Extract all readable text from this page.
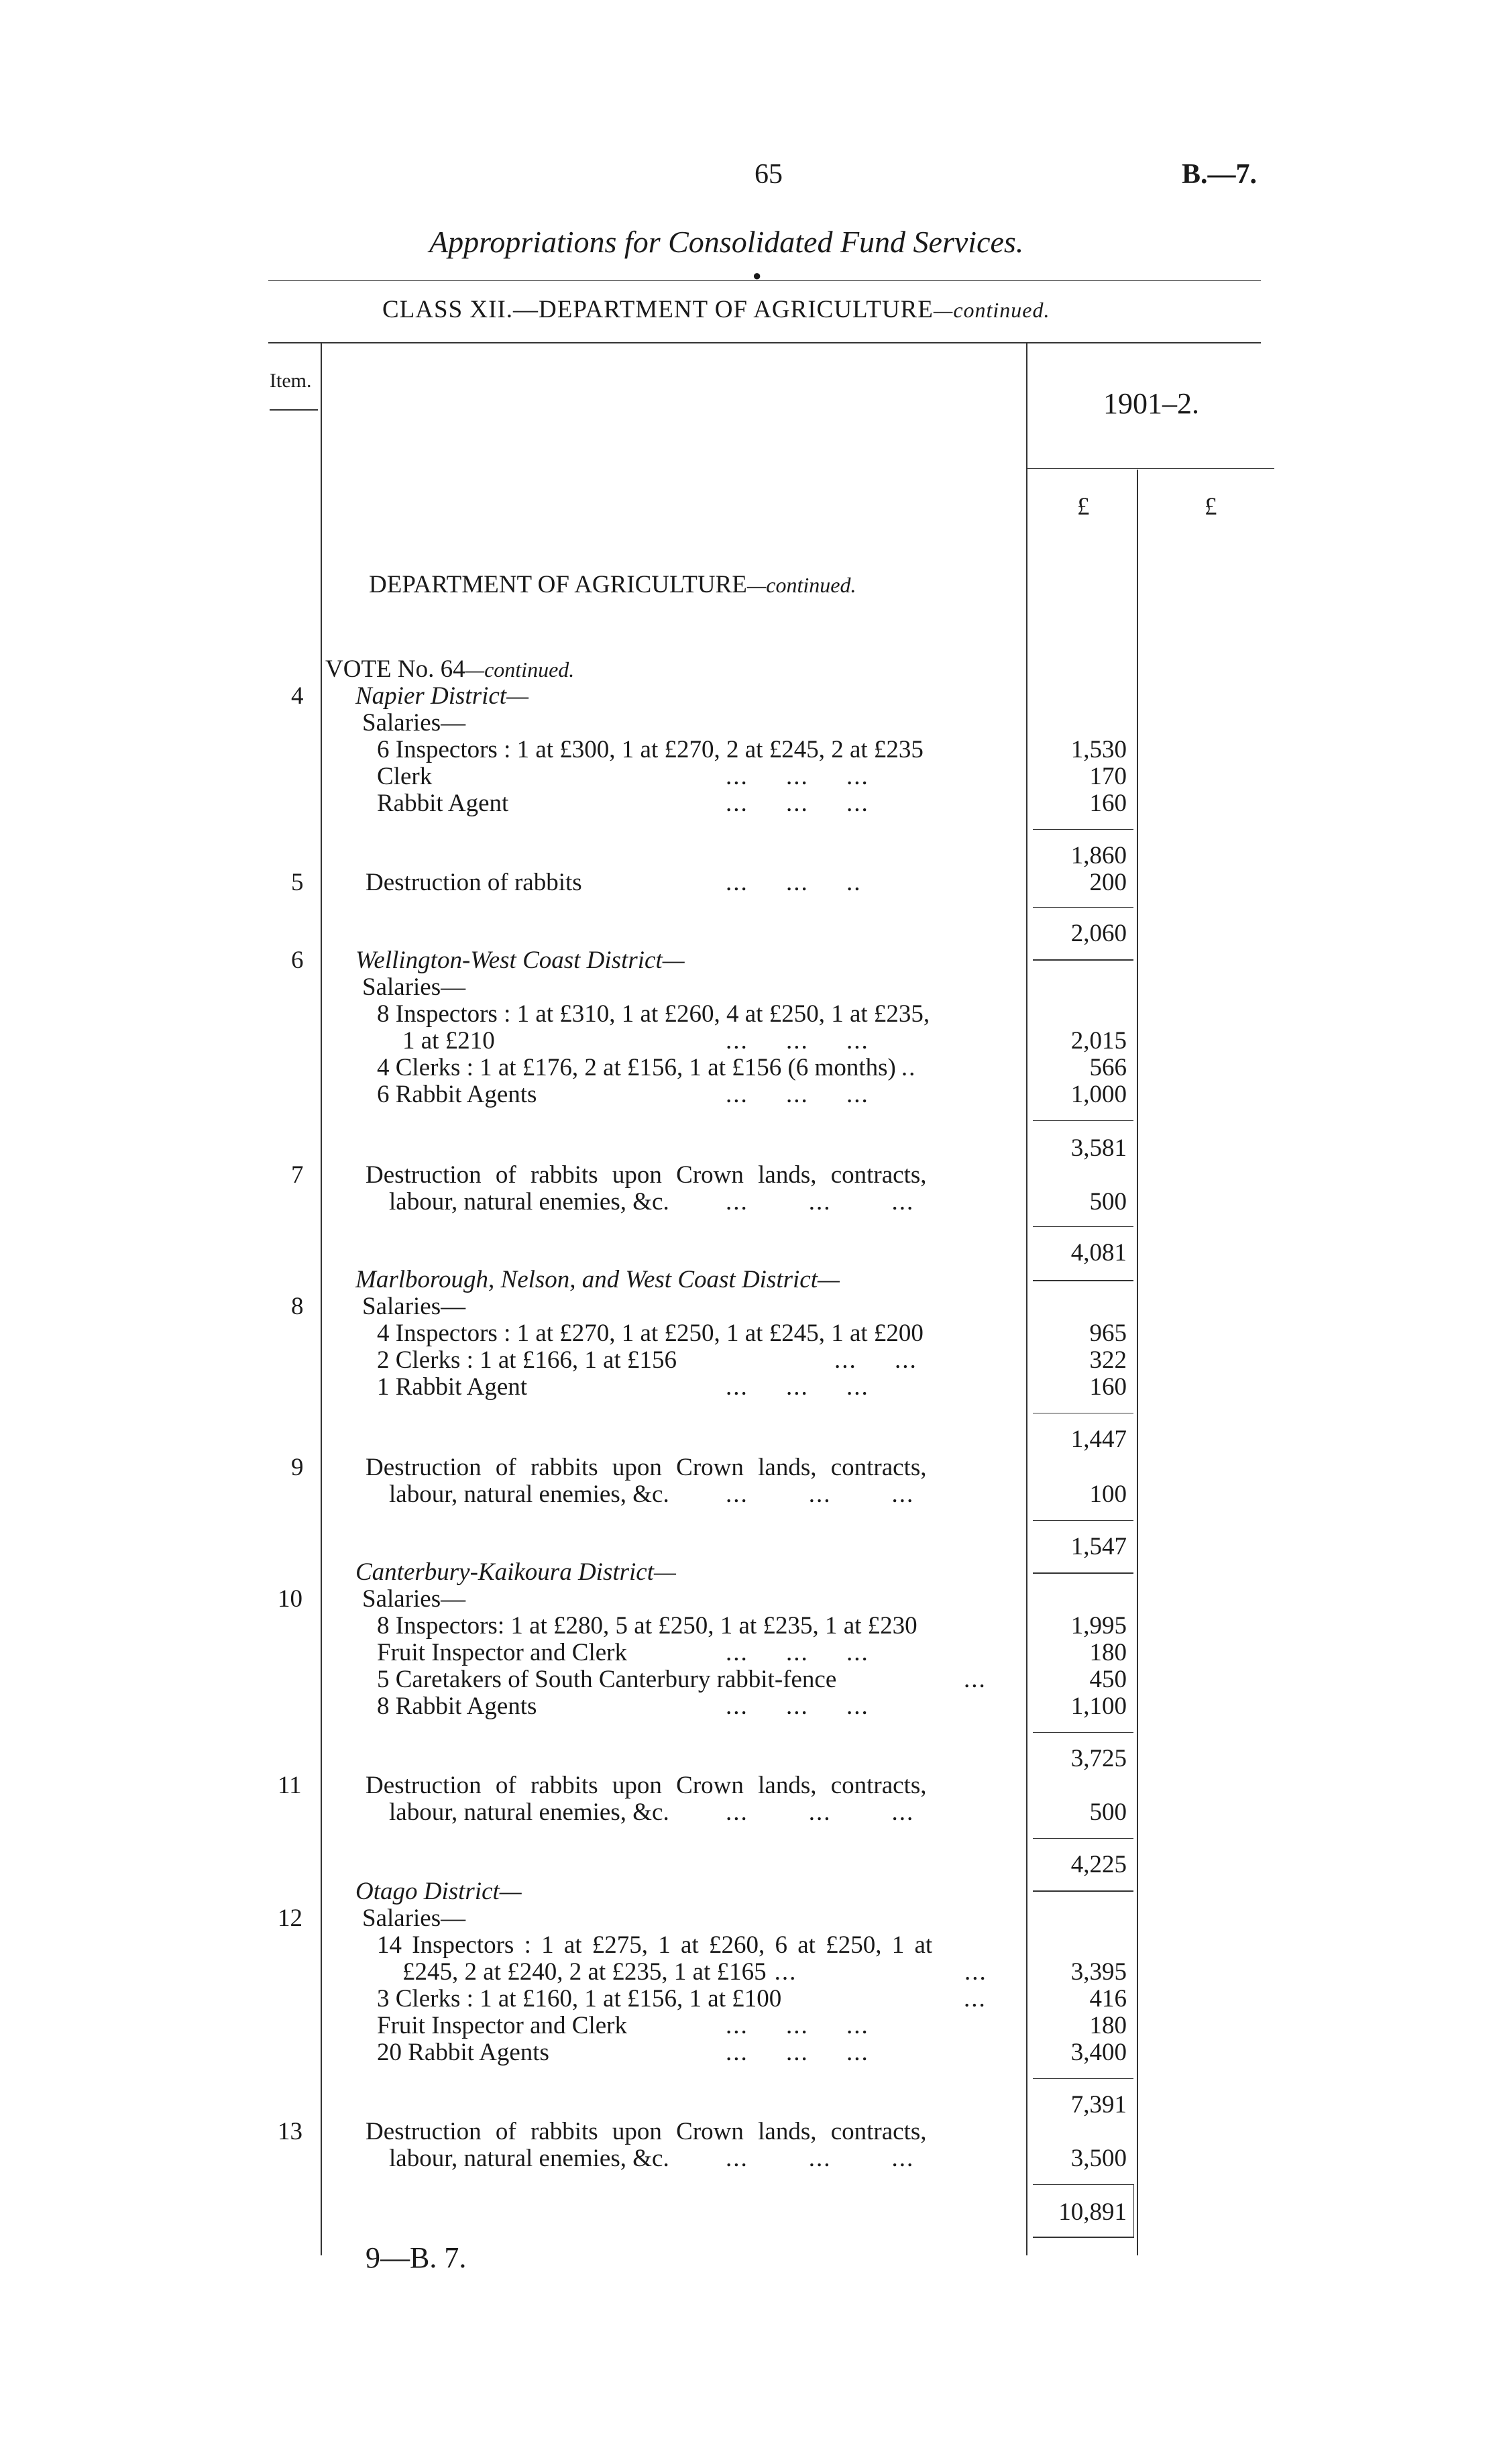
65	B.—7.
Appropriations for Consolidated Fund Services.
●
CLASS XII.—DEPARTMENT OF AGRICULTURE—continued.
Item.
1901–2.
£	£
DEPARTMENT OF AGRICULTURE—continued.
VOTE No. 64—continued.
4 Napier District—
Salaries—
6 Inspectors : 1 at £300, 1 at £270, 2 at £245, 2 at £235	1,530
Clerk	...     ...     ...	170
Rabbit Agent	...     ...     ...	160
1,860
5	Destruction of rabbits	...     ...     ..	200
2,060
6 Wellington-West Coast District—
Salaries—
8 Inspectors : 1 at £310, 1 at £260, 4 at £250, 1 at £235,
1 at £210	...     ...     ...	2,015
4 Clerks : 1 at £176, 2 at £156, 1 at £156 (6 months) ..	566
6 Rabbit Agents	...     ...     ...	1,000
3,581
7	Destruction of rabbits upon Crown lands, contracts,
labour, natural enemies, &c. ...        ...        ...	500
4,081
Marlborough, Nelson, and West Coast District—
8 Salaries—
4 Inspectors : 1 at £270, 1 at £250, 1 at £245, 1 at £200	965
2 Clerks : 1 at £166, 1 at £156	...     ...	322
1 Rabbit Agent	...     ...     ...	160
1,447
9	Destruction of rabbits upon Crown lands, contracts,
labour, natural enemies, &c. ...        ...        ...	100
1,547
Canterbury-Kaikoura District—
10 Salaries—
8 Inspectors: 1 at £280, 5 at £250, 1 at £235, 1 at £230	1,995
Fruit Inspector and Clerk	...     ...     ...	180
5 Caretakers of South Canterbury rabbit-fence	...	450
8 Rabbit Agents	...     ...     ...	1,100
3,725
11	Destruction of rabbits upon Crown lands, contracts,
labour, natural enemies, &c. ...        ...        ...	500
4,225
Otago District—
12 Salaries—
14 Inspectors : 1 at £275, 1 at £260, 6 at £250, 1 at
£245, 2 at £240, 2 at £235, 1 at £165 ...	...	3,395
3 Clerks : 1 at £160, 1 at £156, 1 at £100	...	416
Fruit Inspector and Clerk	...     ...     ...	180
20 Rabbit Agents	...     ...     ...	3,400
7,391
13	Destruction of rabbits upon Crown lands, contracts,
labour, natural enemies, &c. ...        ...        ...	3,500
10,891
9—B. 7.
